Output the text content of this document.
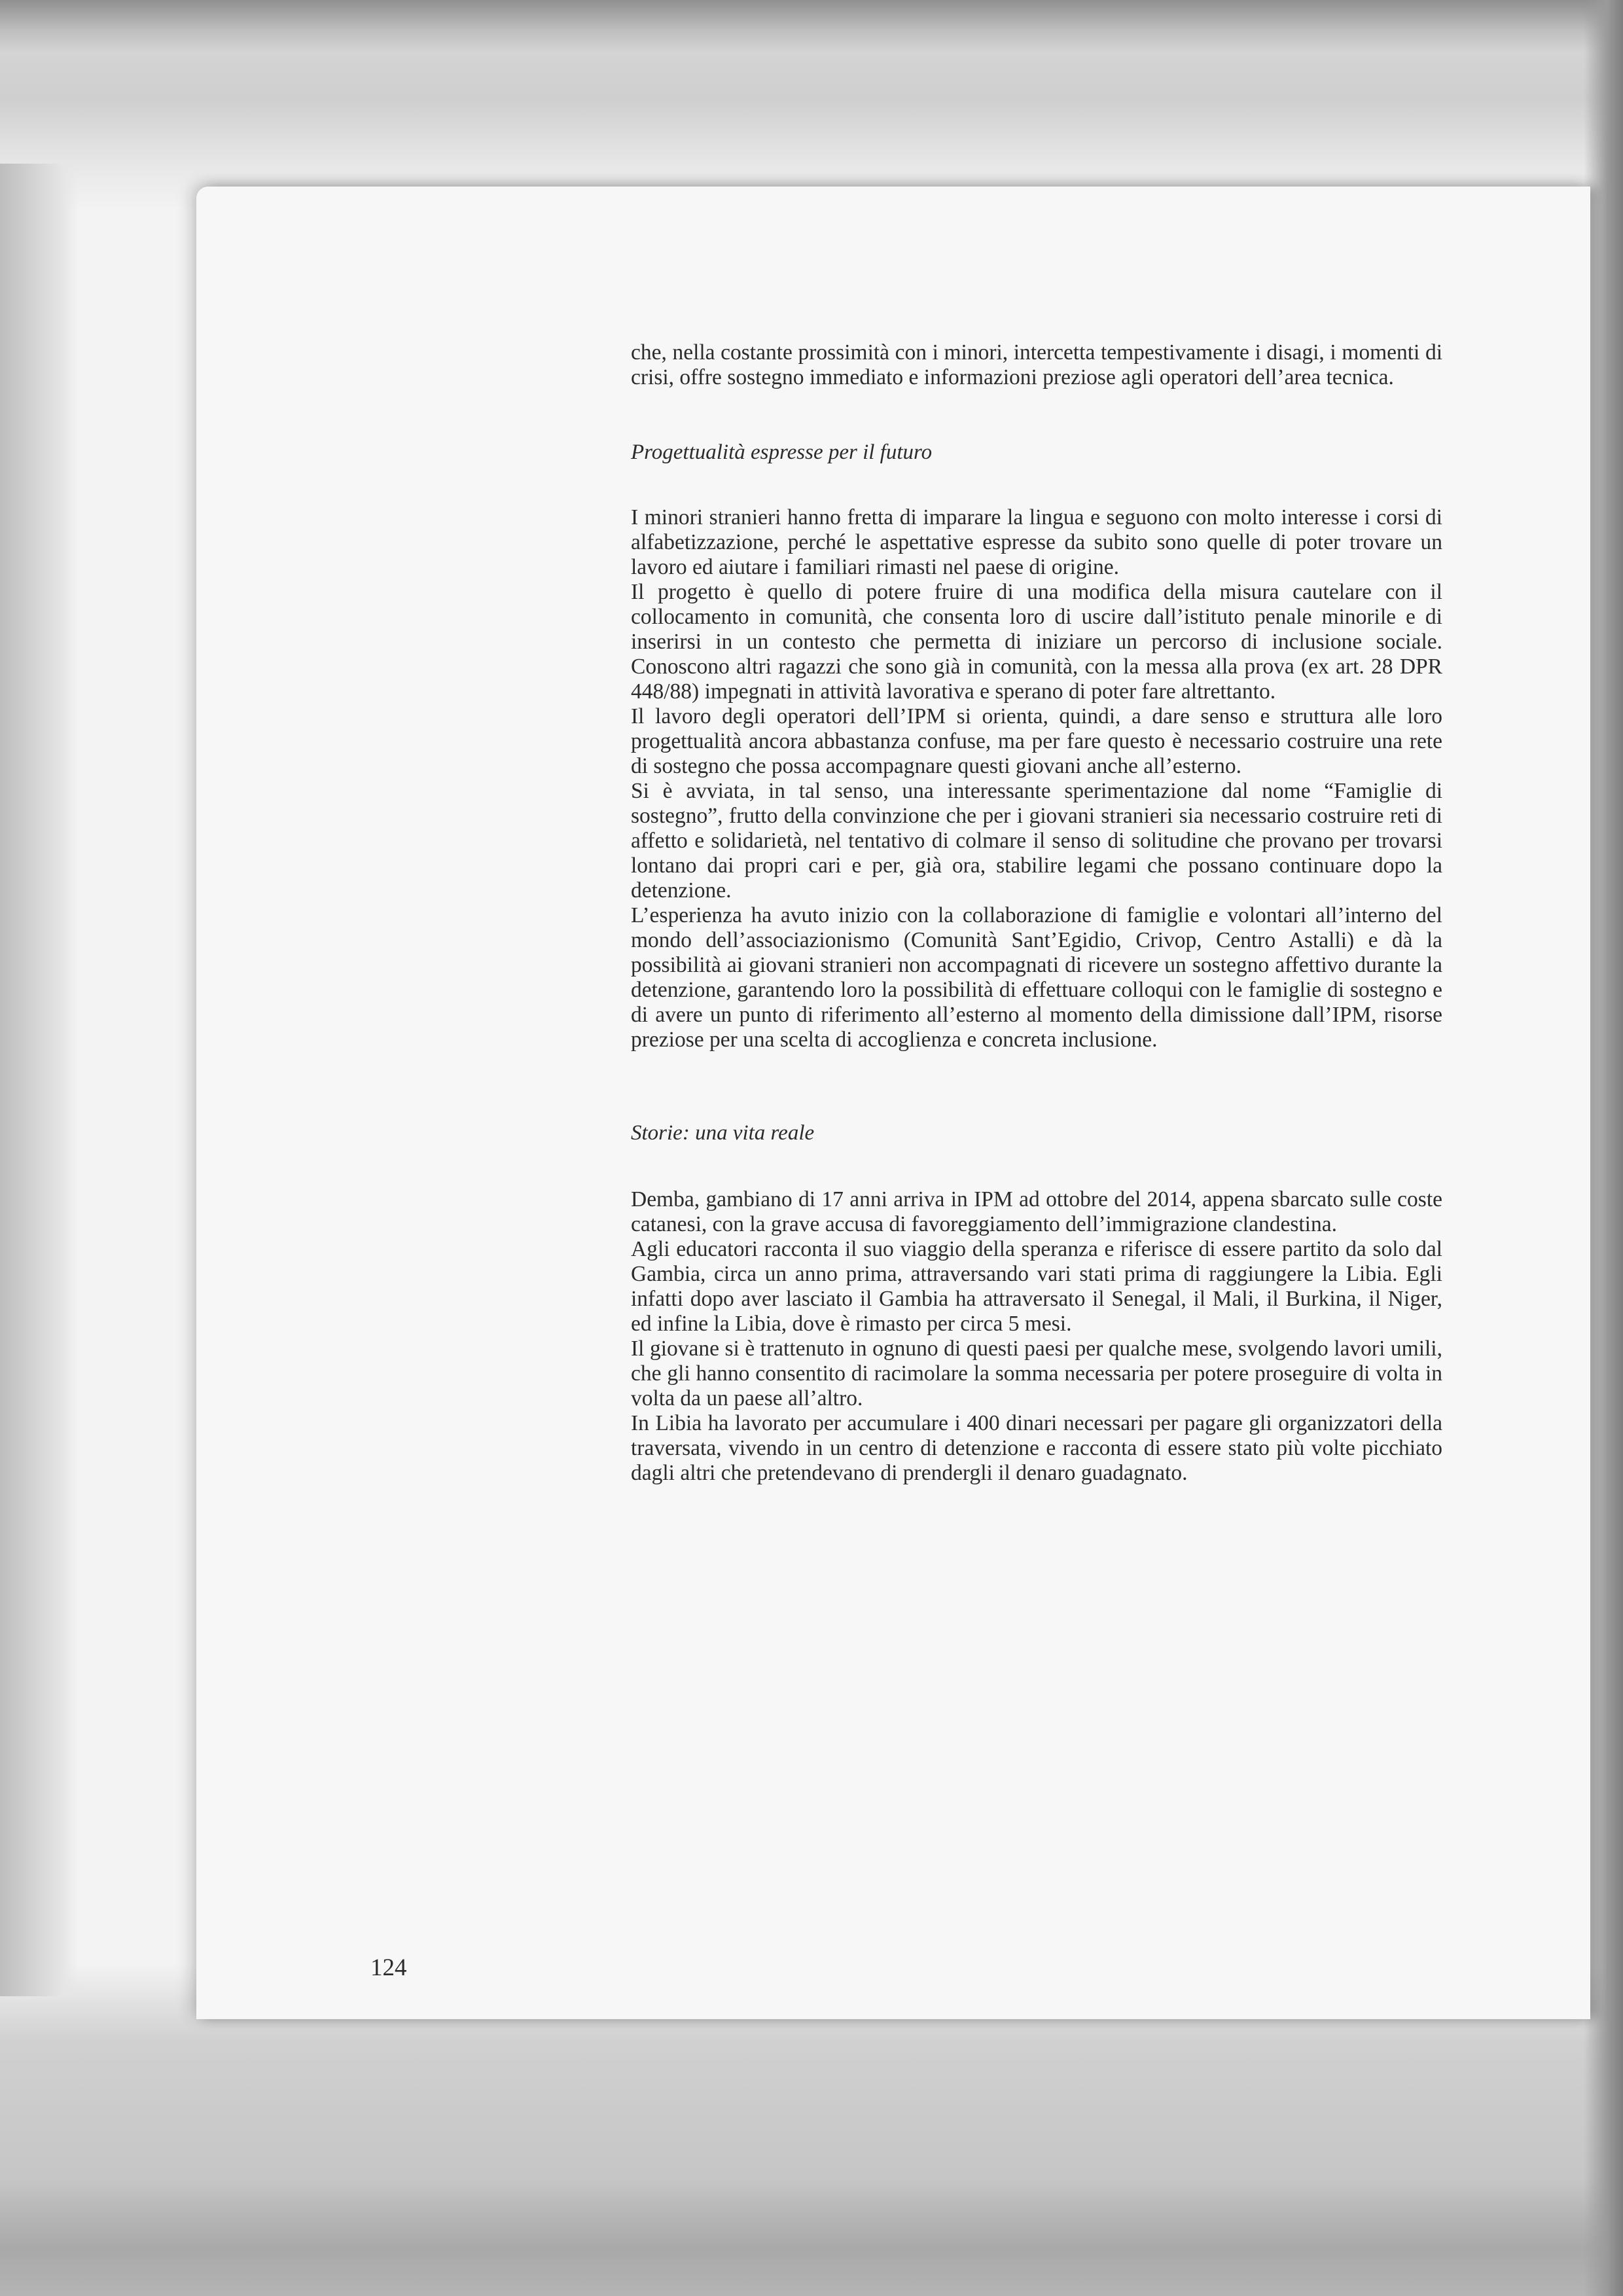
che, nella costante prossimità con i minori, intercetta tempestivamente i disagi, i momenti di crisi, offre sostegno immediato e informazioni preziose agli operatori dell’area tecnica.

Progettualità espresse per il futuro

I minori stranieri hanno fretta di imparare la lingua e seguono con molto interesse i corsi di alfabetizzazione, perché le aspettative espresse da subito sono quelle di poter trovare un lavoro ed aiutare i familiari rimasti nel paese di origine.

Il progetto è quello di potere fruire di una modifica della misura cautelare con il collocamento in comunità, che consenta loro di uscire dall’istituto penale minorile e di inserirsi in un contesto che permetta di iniziare un percorso di inclusione sociale. Conoscono altri ragazzi che sono già in comunità, con la messa alla prova (ex art. 28 DPR 448/88) impegnati in attività lavorativa e sperano di poter fare altrettanto.

Il lavoro degli operatori dell’IPM si orienta, quindi, a dare senso e struttura alle loro progettualità ancora abbastanza confuse, ma per fare questo è necessario costruire una rete di sostegno che possa accompagnare questi giovani anche all’esterno.

Si è avviata, in tal senso, una interessante sperimentazione dal nome “Famiglie di sostegno”, frutto della convinzione che per i giovani stranieri sia necessario costruire reti di affetto e solidarietà, nel tentativo di colmare il senso di solitudine che provano per trovarsi lontano dai propri cari e per, già ora, stabilire legami che possano continuare dopo la detenzione.

L’esperienza ha avuto inizio con la collaborazione di famiglie e volontari all’interno del mondo dell’associazionismo (Comunità Sant’Egidio, Crivop, Centro Astalli) e dà la possibilità ai giovani stranieri non accompagnati di ricevere un sostegno affettivo durante la detenzione, garantendo loro la possibilità di effettuare colloqui con le famiglie di sostegno e di avere un punto di riferimento all’esterno al momento della dimissione dall’IPM, risorse preziose per una scelta di accoglienza e concreta inclusione.

Storie: una vita reale

Demba, gambiano di 17 anni arriva in IPM ad ottobre del 2014, appena sbarcato sulle coste catanesi, con la grave accusa di favoreggiamento dell’immigrazione clandestina.

Agli educatori racconta il suo viaggio della speranza e riferisce di essere partito da solo dal Gambia, circa un anno prima, attraversando vari stati prima di raggiungere la Libia. Egli infatti dopo aver lasciato il Gambia ha attraversato il Senegal, il Mali, il Burkina, il Niger, ed infine la Libia, dove è rimasto per circa 5 mesi.

Il giovane si è trattenuto in ognuno di questi paesi per qualche mese, svolgendo lavori umili, che gli hanno consentito di racimolare la somma necessaria per potere proseguire di volta in volta da un paese all’altro.

In Libia ha lavorato per accumulare i 400 dinari necessari per pagare gli organizzatori della traversata, vivendo in un centro di detenzione e racconta di essere stato più volte picchiato dagli altri che pretendevano di prendergli il denaro guadagnato.

124
